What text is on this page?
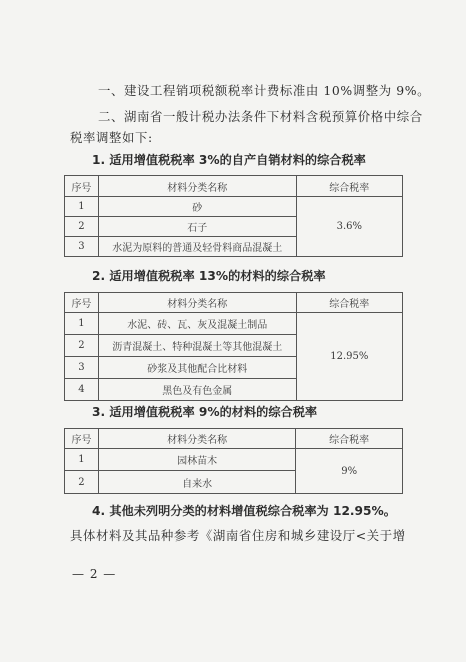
一、建设工程销项税额税率计费标准由 10%调整为 9%。
二、湖南省一般计税办法条件下材料含税预算价格中综合
税率调整如下:
1. 适用增值税税率 3%的自产自销材料的综合税率
序号	材料分类名称	综合税率
1	砂	3.6%
2	石子	
3	水泥为原料的普通及轻骨料商品混凝土	
2. 适用增值税税率 13%的材料的综合税率
序号	材料分类名称	综合税率
1	水泥、砖、瓦、灰及混凝土制品	12.95%
2	沥青混凝土、特种混凝土等其他混凝土	
3	砂浆及其他配合比材料	
4	黑色及有色金属	
3. 适用增值税税率 9%的材料的综合税率
序号	材料分类名称	综合税率
1	园林苗木	9%
2	自来水	
4. 其他未列明分类的材料增值税综合税率为 12.95%。
具体材料及其品种参考《湖南省住房和城乡建设厅<关于增
— 2 —
